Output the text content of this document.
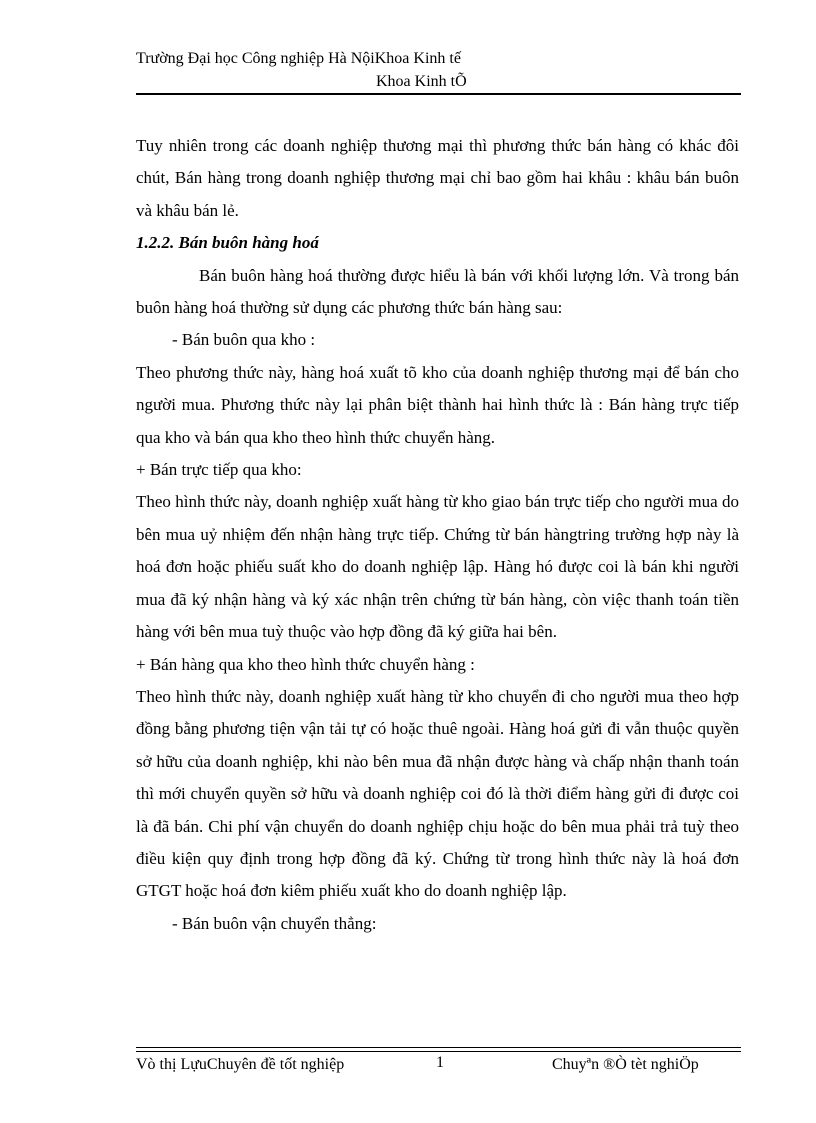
Trường Đại học Công nghiệp Hà NộiKhoa Kinh tế
Khoa Kinh tÕ

Tuy nhiên trong các doanh nghiệp thương mại thì phương thức bán hàng có khác đôi chút, Bán hàng trong doanh nghiệp thương mại chỉ bao gồm hai khâu : khâu bán buôn và khâu bán lẻ.

1.2.2. Bán buôn hàng hoá

Bán buôn hàng hoá thường được hiểu là bán với khối lượng lớn. Và trong bán buôn hàng hoá thường sử dụng các phương thức bán hàng sau:

- Bán buôn qua kho :

Theo phương thức này, hàng hoá xuất tõ kho của doanh nghiệp thương mại để bán cho người mua. Phương thức này lại phân biệt thành hai hình thức là : Bán hàng trực tiếp qua kho và bán qua kho theo hình thức chuyển hàng.

+ Bán trực tiếp qua kho:

Theo hình thức này, doanh nghiệp xuất hàng từ kho giao bán trực tiếp cho người mua do bên mua uỷ nhiệm đến nhận hàng trực tiếp. Chứng từ bán hàngtring trường hợp này là hoá đơn hoặc phiếu suất kho do doanh nghiệp lập. Hàng hó được coi là bán khi người mua đã ký nhận hàng và ký xác nhận trên chứng từ bán hàng, còn việc thanh toán tiền hàng với bên mua tuỳ thuộc vào hợp đồng đã ký giữa hai bên.

+ Bán hàng qua kho theo hình thức chuyển hàng :

Theo hình thức này, doanh nghiệp xuất hàng từ kho chuyển đi cho người mua theo hợp đồng bằng phương tiện vận tải tự có hoặc thuê ngoài. Hàng hoá gửi đi vẫn thuộc quyền sở hữu của doanh nghiệp, khi nào bên mua đã nhận được hàng và chấp nhận thanh toán thì mới chuyển quyền sở hữu và doanh nghiệp coi đó là thời điểm hàng gửi đi được coi là đã bán. Chi phí vận chuyển do doanh nghiệp chịu hoặc do bên mua phải trả tuỳ theo điều kiện quy định trong hợp đồng đã ký. Chứng từ trong hình thức này là hoá đơn GTGT hoặc hoá đơn kiêm phiếu xuất kho do doanh nghiệp lập.

- Bán buôn vận chuyển thẳng:

Vò thị LựuChuyên đề tốt nghiệp	1	Chuyªn ®Ò tèt nghiÖp
